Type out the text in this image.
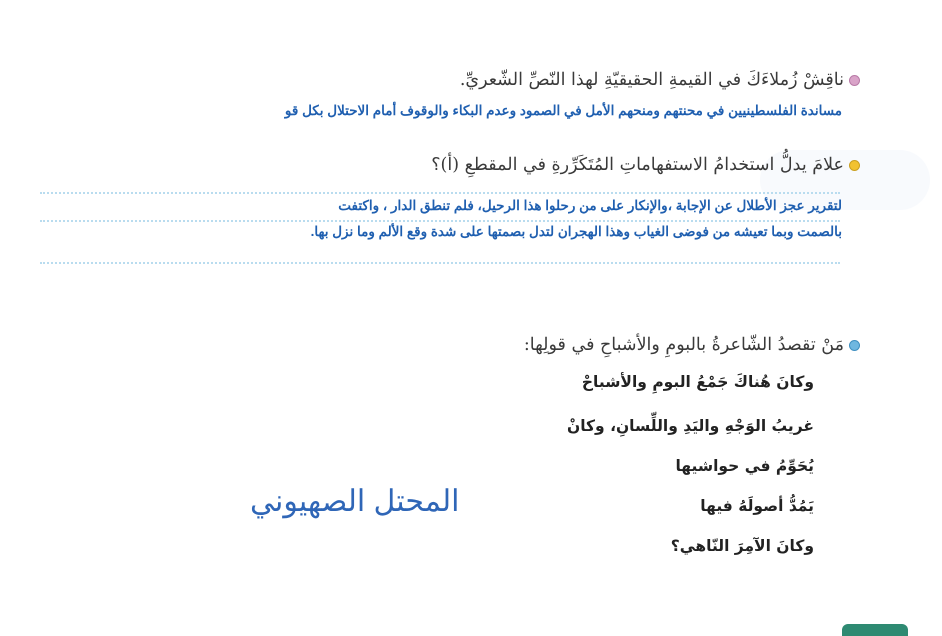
ناقِشْ زُملاءَكَ في القيمةِ الحقيقيّةِ لهذا النّصِّ الشّعريِّ.
مساندة الفلسطينيين في محنتهم ومنحهم الأمل في الصمود وعدم البكاء والوقوف أمام الاحتلال بكل قو
علامَ يدلُّ استخدامُ الاستفهاماتِ المُتَكَرِّرةِ في المقطعِ (أ)؟
لتقرير عجز الأطلال عن الإجابة ،والإنكار على من رحلوا هذا الرحيل، فلم تنطق الدار ، واكتفت
بالصمت وبما تعيشه من فوضى الغياب وهذا الهجران لتدل بصمتها على شدة وقع الألم وما نزل بها.
مَنْ تقصدُ الشّاعرةُ بالبومِ والأشباحِ في قولِها:
وكانَ هُناكَ جَمْعُ البومِ والأشباحْ
غريبُ الوَجْهِ واليَدِ واللِّسانِ، وكانْ
يُحَوِّمُ في حواشيها
يَمُدُّ أصولَهُ فيها
وكانَ الآمِرَ النّاهي؟
المحتل الصهيوني
